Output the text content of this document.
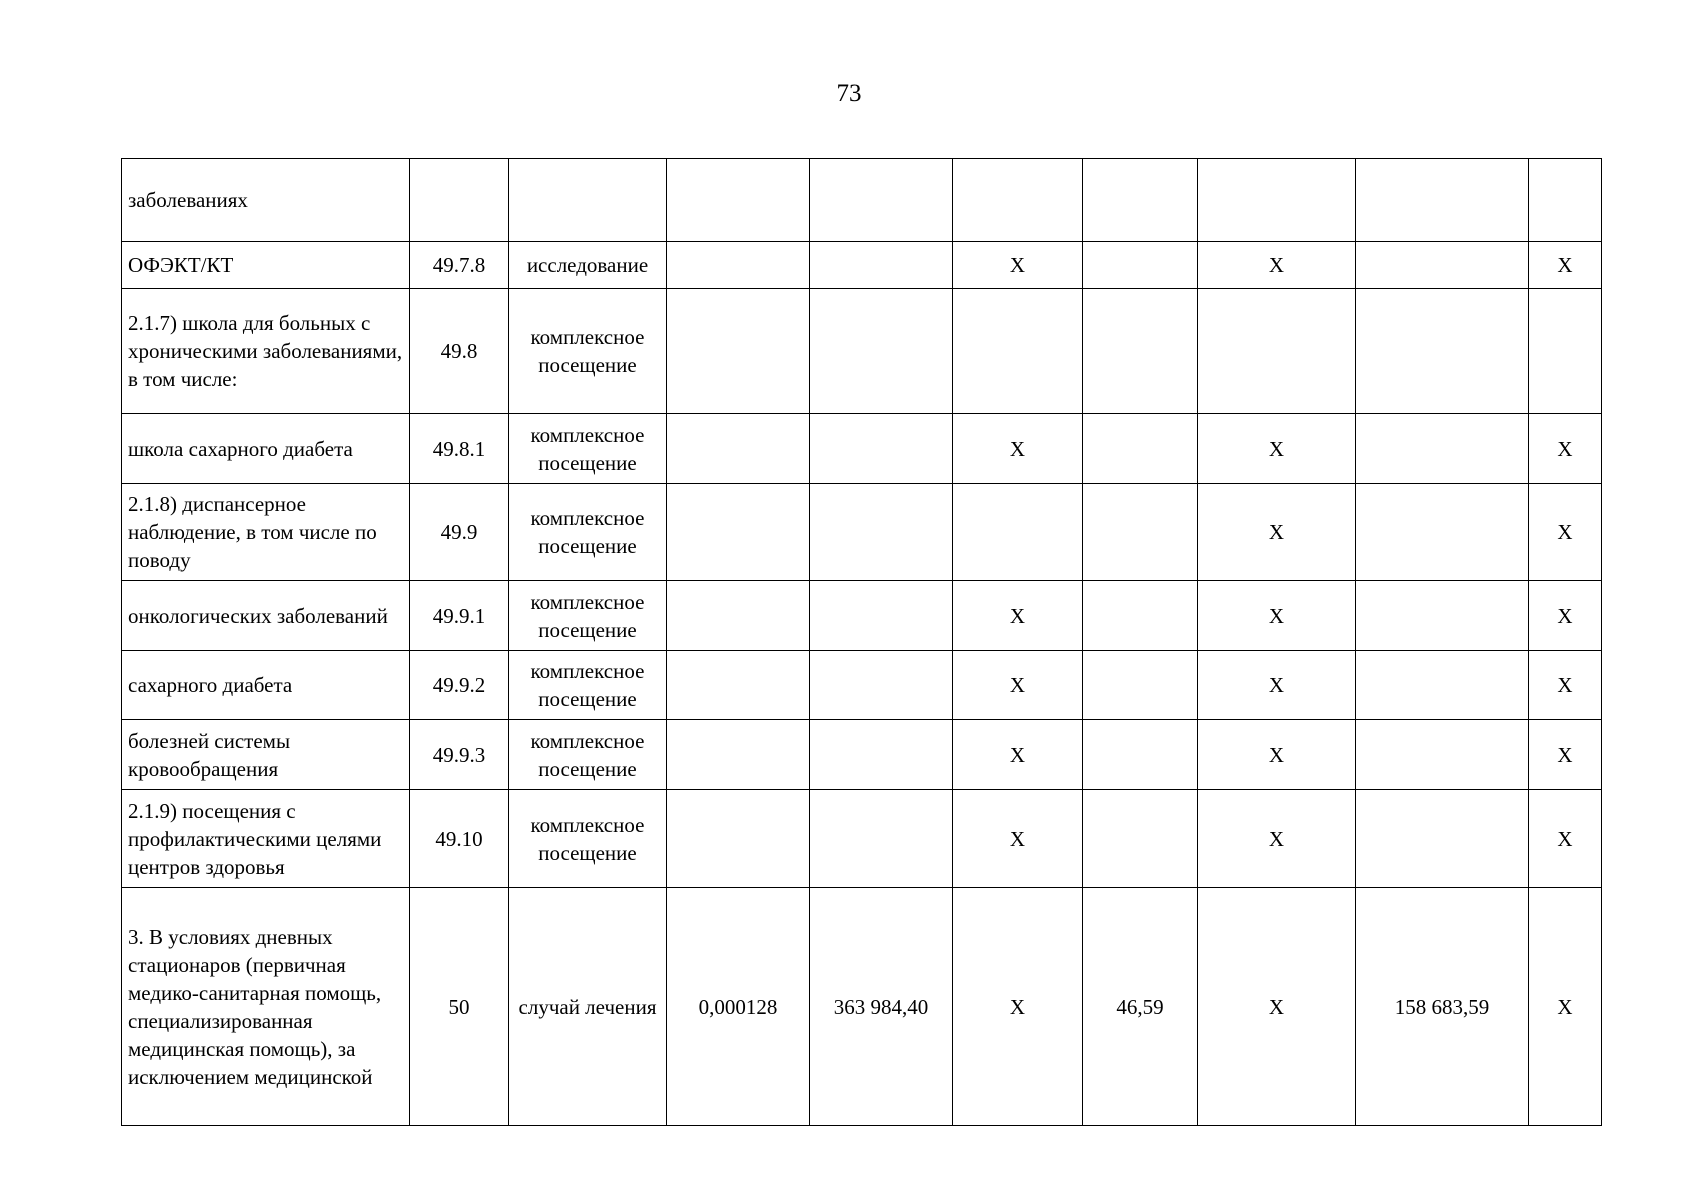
73
заболеваниях									
ОФЭКТ/КТ	49.7.8	исследование			X		X		X
2.1.7) школа для больных с хроническими заболеваниями, в том числе:	49.8	комплексное посещение							
школа сахарного диабета	49.8.1	комплексное посещение			X		X		X
2.1.8) диспансерное наблюдение, в том числе по поводу	49.9	комплексное посещение					X		X
онкологических заболеваний	49.9.1	комплексное посещение			X		X		X
сахарного диабета	49.9.2	комплексное посещение			X		X		X
болезней системы кровообращения	49.9.3	комплексное посещение			X		X		X
2.1.9) посещения с профилактическими целями центров здоровья	49.10	комплексное посещение			X		X		X
3. В условиях дневных стационаров (первичная медико-санитарная помощь, специализированная медицинская помощь), за исключением медицинской	50	случай лечения	0,000128	363 984,40	X	46,59	X	158 683,59	X
